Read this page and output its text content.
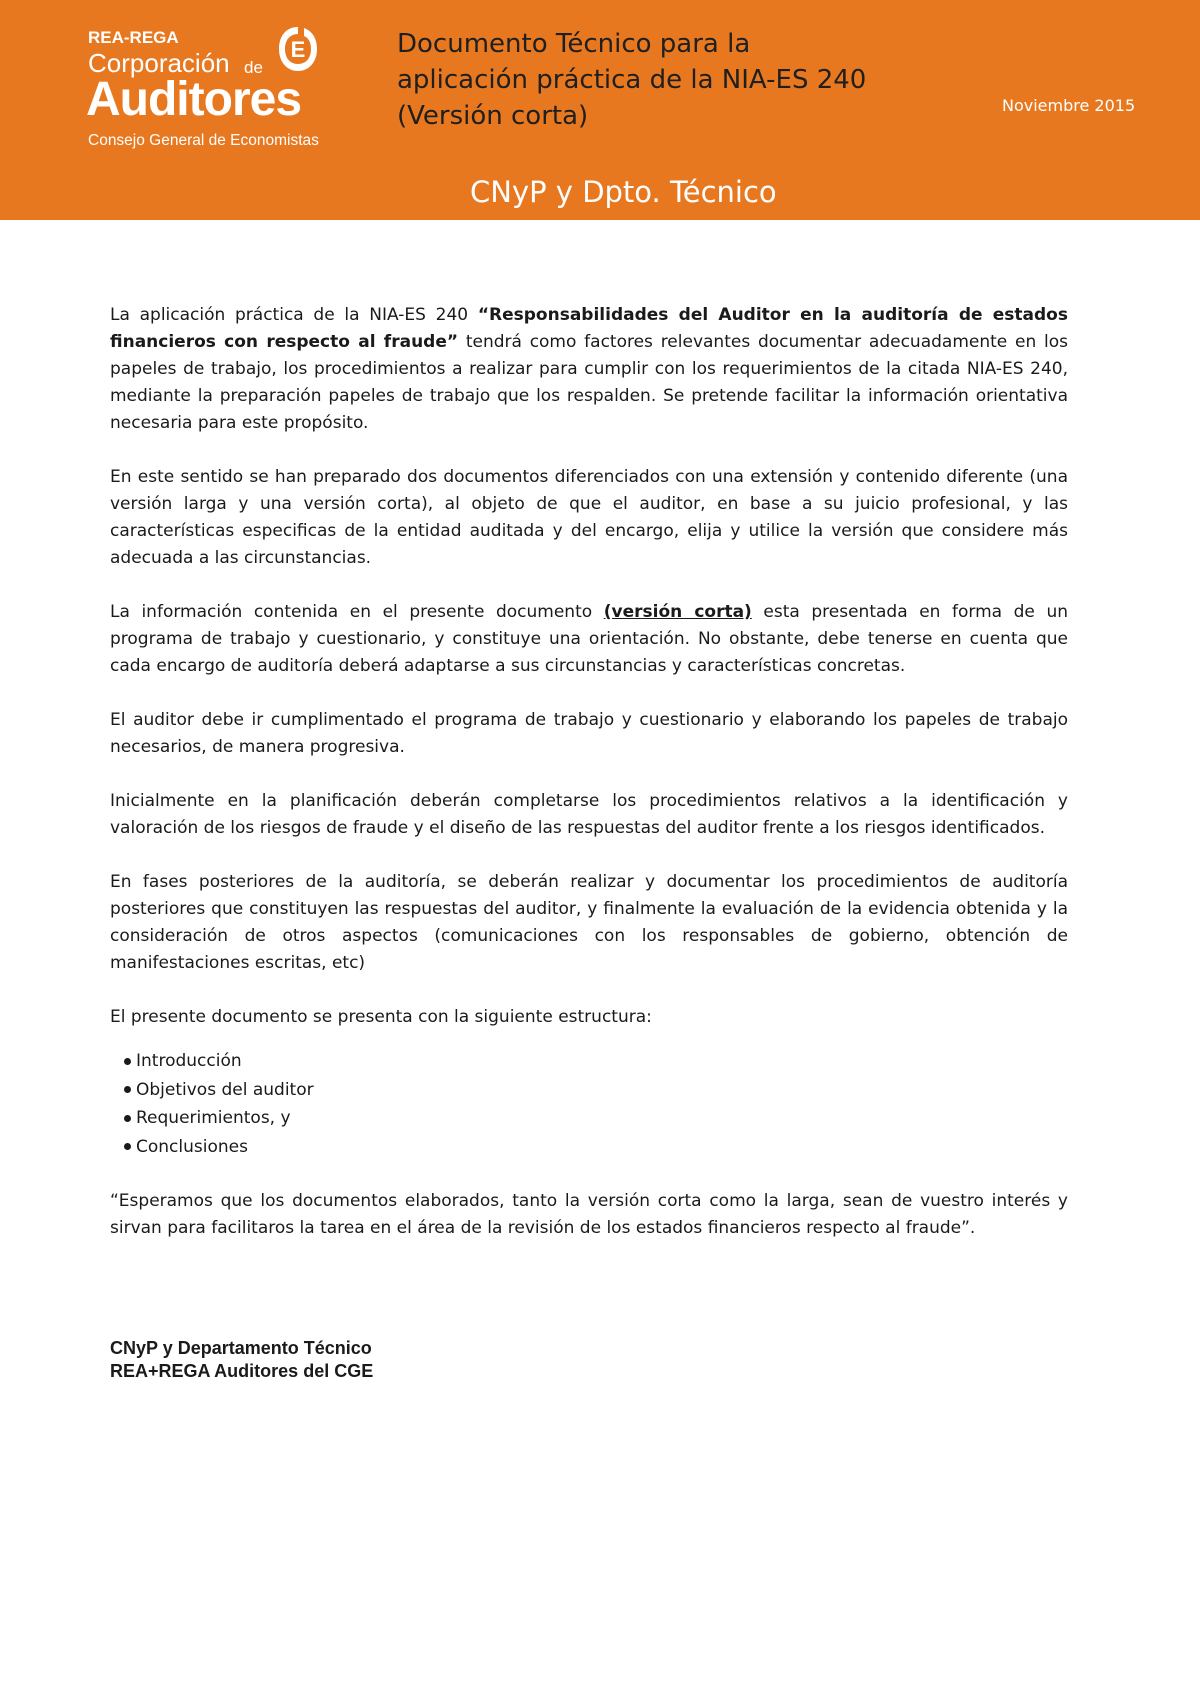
REA-REGA
Corporación de
E
Auditores
Consejo General de Economistas
Documento Técnico para la
aplicación práctica de la NIA-ES 240
(Versión corta)	Noviembre 2015
CNyP y Dpto. Técnico

La aplicación práctica de la NIA-ES 240 “Responsabilidades del Auditor en la auditoría de estados financieros con respecto al fraude” tendrá como factores relevantes documentar adecuadamente en los papeles de trabajo, los procedimientos a realizar para cumplir con los requerimientos de la citada NIA-ES 240, mediante la preparación papeles de trabajo que los respalden. Se pretende facilitar la información orientativa necesaria para este propósito.

En este sentido se han preparado dos documentos diferenciados con una extensión y contenido diferente (una versión larga y una versión corta), al objeto de que el auditor, en base a su juicio profesional, y las características especificas de la entidad auditada y del encargo, elija y utilice la versión que considere más adecuada a las circunstancias.

La información contenida en el presente documento (versión corta) esta presentada en forma de un programa de trabajo y cuestionario, y constituye una orientación. No obstante, debe tenerse en cuenta que cada encargo de auditoría deberá adaptarse a sus circunstancias y características concretas.

El auditor debe ir cumplimentado el programa de trabajo y cuestionario y elaborando los papeles de trabajo necesarios, de manera progresiva.

Inicialmente en la planificación deberán completarse los procedimientos relativos a la identificación y valoración de los riesgos de fraude y el diseño de las respuestas del auditor frente a los riesgos identificados.

En fases posteriores de la auditoría, se deberán realizar y documentar los procedimientos de auditoría posteriores que constituyen las respuestas del auditor, y finalmente la evaluación de la evidencia obtenida y la consideración de otros aspectos (comunicaciones con los responsables de gobierno, obtención de manifestaciones escritas, etc)

El presente documento se presenta con la siguiente estructura:

Introducción
Objetivos del auditor
Requerimientos, y
Conclusiones

“Esperamos que los documentos elaborados, tanto la versión corta como la larga, sean de vuestro interés y sirvan para facilitaros la tarea en el área de la revisión de los estados financieros respecto al fraude”.

CNyP y Departamento Técnico
REA+REGA Auditores del CGE
